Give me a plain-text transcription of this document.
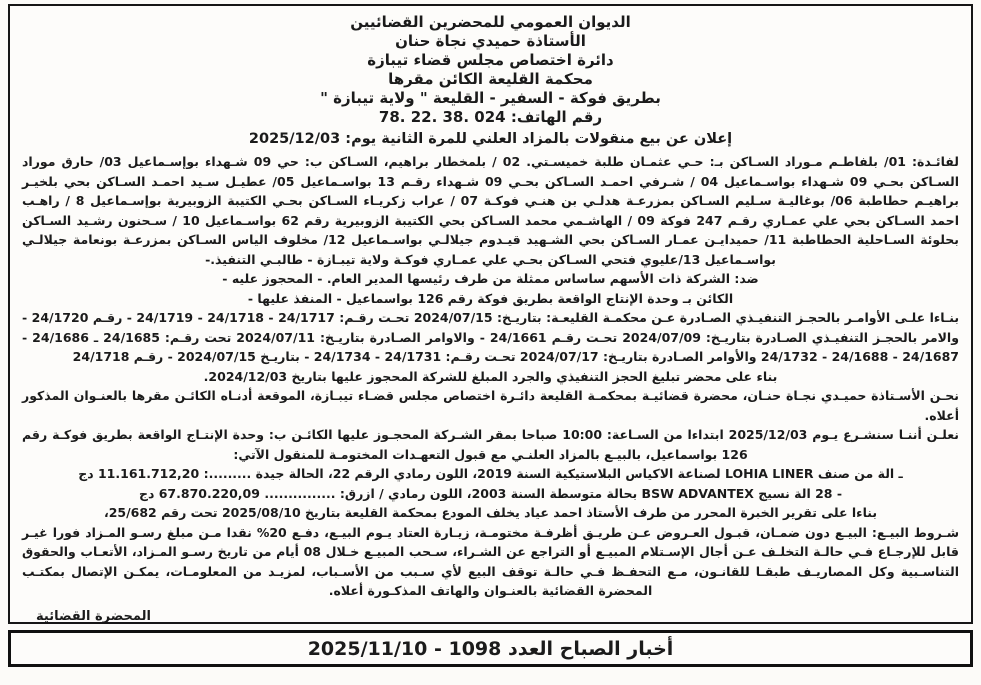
الديوان العمومي للمحضرين القضائيين
الأستاذة حميدي نجاة حنان
دائرة اختصاص مجلس قضاء تيبازة
محكمة القليعة الكائن مقرها
بطريق فوكة - السفير - القليعة " ولاية تيبازة "
رقم الهاتف: 78. 22. 38. 024
إعلان عن بيع منقولات بالمزاد العلني للمرة الثانية يوم: 2025/12/03

لفائـدة: 01/ بلفاطـم مـوراد السـاكن بـ: حـي عثمـان طلبة خميسـتي. 02 / بلمخطار براهيم، السـاكن ب: حي 09 شـهداء بوإسـماعيل 03/ حارق موراد السـاكن بحـي 09 شـهداء بواسـماعيل 04 / شـرفي احمـد السـاكن بحـي 09 شـهداء رقـم 13 بواسـماعيل 05/ عطيـل سـيد احمـد السـاكن بحي بلخيـر براهيـم حطاطبة 06/ بوغاليـة سـليم السـاكن بمزرعـة هدلـي بن هنـي فوكـة 07 / عراب زكريـاء السـاكن بحـي الكتيبة الزوبيرية بوإسـماعيل 8 / راهـب احمد السـاكن بحي علي عمـاري رقـم 247 فوكة 09 / الهاشـمي محمد السـاكن بحي الكتيبة الزوبيرية رقم 62 بواسـماعيل 10 / سـحنون رشـيد السـاكن بحلوئة السـاحلية الحطاطبة 11/ حميدايـن عمـار السـاكن بحي الشـهيد قيـدوم جيلالـي بواسـماعيل 12/ مخلوف الياس السـاكن بمزرعـة بونعامة جيلالـي بواسـماعيل 13/عليوي فتحي السـاكن بحـي علي عمـاري فوكـة ولاية تيبـازة - طالبـي التنفيذ.-

ضد: الشركة ذات الأسهم ساساس ممثلة من طرف رئيسها المدير العام. - المحجوز عليه -

الكائن بـ وحدة الإنتاج الواقعة بطريق فوكة رقم 126 بواسماعيل - المنفذ عليها -

بنـاءا علـى الأوامـر بالحجـز التنفيـذي الصـادرة عـن محكمـة القليعـة: بتاريـخ: 2024/07/15 تحـت رقـم: 24/1717 - 24/1718 - 24/1719 - رقـم 24/1720 - والامر بالحجـز التنفيـذي الصـادرة بتاريـخ: 2024/07/09 تحـت رقـم 24/1661 - والاوامر الصـادرة بتاريـخ: 2024/07/11 تحت رقـم: 24/1685 ـ 24/1686 - 24/1687 - 24/1688 - 24/1732 والأوامر الصـادرة بتاريـخ: 2024/07/17 تحـت رقـم: 24/1731 - 24/1734 - بتاريـخ 2024/07/15 - رقـم 24/1718

بناء على محضر تبليغ الحجز التنفيذي والجرد المبلغ للشركة المحجوز عليها بتاريخ 2024/12/03.

نحـن الأسـتاذة حميـدي نجـاة حنـان، محضرة قضائيـة بمحكمـة القليعة دائـرة اختصاص مجلس قضـاء تيبـازة، الموقعة أدنـاه الكائـن مقرها بالعنـوان المذكور أعلاه.

نعلـن أننـا سنشـرع يـوم 2025/12/03 ابتداءا من السـاعة: 10:00 صباحا بمقر الشـركة المحجـوز عليها الكائـن ب: وحدة الإنتـاج الواقعة بطريق فوكـة رقم 126 بواسماعيل، بالبيـع بالمزاد العلنـي مع قبول التعهـدات المختومـة للمنقول الآتي:

ـ الة من صنف LOHIA LINER لصناعة الاكياس البلاستيكية السنة 2019، اللون رمادي الرقم 22، الحالة جيدة .........: 11.161.712,20 دج

- 28 الة نسيج BSW ADVANTEX بحالة متوسطة السنة 2003، اللون رمادي / ازرق: ............... 67.870.220,09 دج

بناءا على تقرير الخبرة المحرر من طرف الأستاذ احمد عياد يخلف المودع بمحكمة القليعة بتاريخ 2025/08/10 تحت رقم 25/682،

شـروط البيـع: البيـع دون ضمـان، قبـول العـروض عـن طريـق أظرفـة مختومـة، زيـارة العتاد يـوم البيـع، دفـع 20% نقدا مـن مبلغ رسـو المـزاد فورا غيـر قابل للإرجـاع فـي حالـة التخلـف عـن أجال الإسـتلام المبيـع أو التراجع عن الشـراء، سـحب المبيـع خـلال 08 أيام من تاريخ رسـو المـزاد، الأتعـاب والحقوق التناسـبية وكل المصاريـف طبقـا للقانـون، مـع التحفـظ فـي حالـة توقف البيع لأي سـبب من الأسـباب، لمزيـد من المعلومـات، يمكـن الإتصال بمكتـب المحضرة القضائية بالعنـوان والهاتف المذكـورة أعلاه.

المحضرة القضائية
أخبار الصباح العدد 1098 - 2025/11/10
